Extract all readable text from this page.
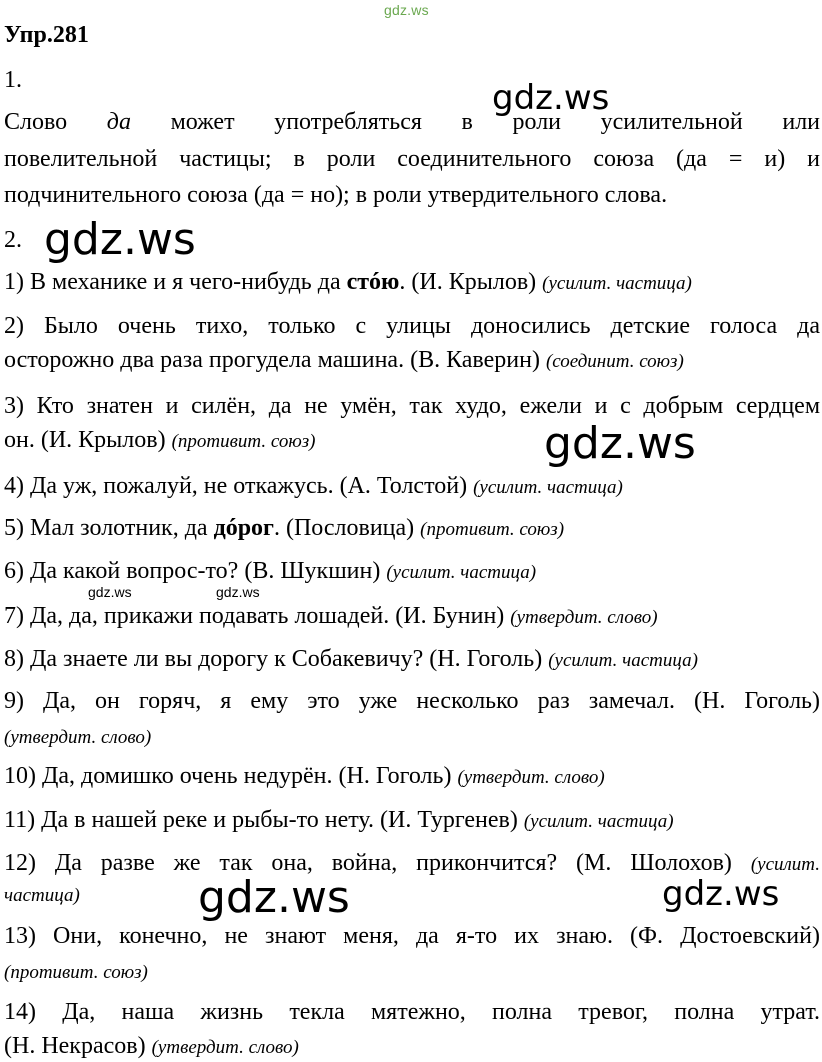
gdz.ws
Упр.281
1.
Слово да может употребляться в роли усилительной или
повелительной частицы; в роли соединительного союза (да = и) и
подчинительного союза (да = но); в роли утвердительного слова.
2.
1) В механике и я чего-нибудь да стóю. (И. Крылов) (усилит. частица)
2) Было очень тихо, только с улицы доносились детские голоса да
осторожно два раза прогудела машина. (В. Каверин) (соединит. союз)
3) Кто знатен и силён, да не умён, так худо, ежели и с добрым сердцем
он. (И. Крылов) (противит. союз)
4) Да уж, пожалуй, не откажусь. (А. Толстой) (усилит. частица)
5) Мал золотник, да дóрог. (Пословица) (противит. союз)
6) Да какой вопрос-то? (В. Шукшин) (усилит. частица)
7) Да, да, прикажи подавать лошадей. (И. Бунин) (утвердит. слово)
8) Да знаете ли вы дорогу к Собакевичу? (Н. Гоголь) (усилит. частица)
9) Да, он горяч, я ему это уже несколько раз замечал. (Н. Гоголь)
(утвердит. слово)
10) Да, домишко очень недурён. (Н. Гоголь) (утвердит. слово)
11) Да в нашей реке и рыбы-то нету. (И. Тургенев) (усилит. частица)
12) Да разве же так она, война, прикончится? (М. Шолохов) (усилит.
частица)
13) Они, конечно, не знают меня, да я-то их знаю. (Ф. Достоевский)
(противит. союз)
14) Да, наша жизнь текла мятежно, полна тревог, полна утрат.
(Н. Некрасов) (утвердит. слово)
gdz.ws
gdz.ws
gdz.ws
gdz.ws	gdz.ws
gdz.ws	gdz.ws
